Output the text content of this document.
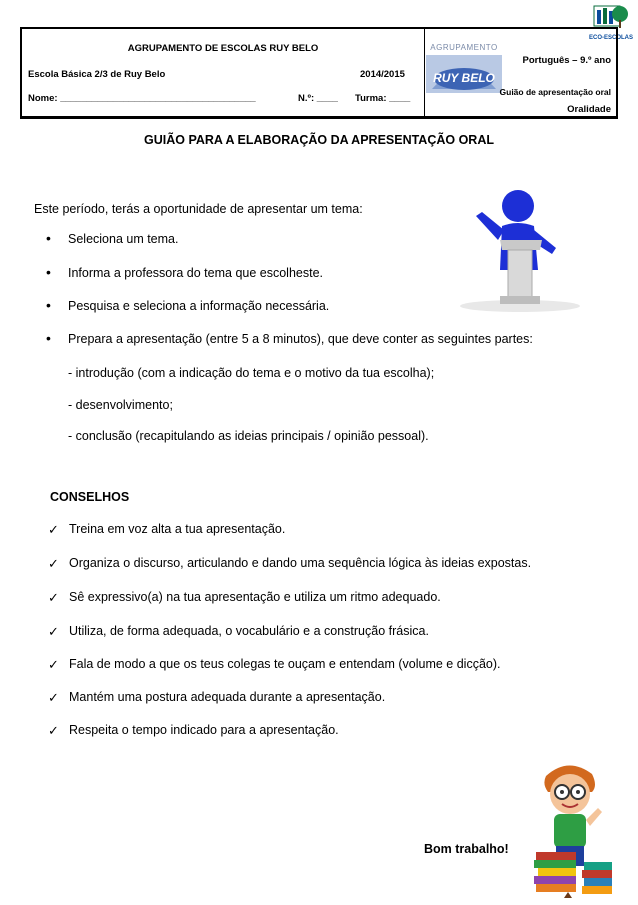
ECO-ESCOLAS
AGRUPAMENTO DE ESCOLAS RUY BELO
Escola Básica 2/3 de Ruy Belo	2014/2015
Nome: _____________________________________	N.º: ____ Turma: ____
AGRUPAMENTO
RUY BELO
Português – 9.º ano
Guião de apresentação oral
Oralidade
GUIÃO PARA A ELABORAÇÃO DA APRESENTAÇÃO ORAL
Este período, terás a oportunidade de apresentar um tema:
• Seleciona um tema.
• Informa a professora do tema que escolheste.
• Pesquisa e seleciona a informação necessária.
• Prepara a apresentação (entre 5 a 8 minutos), que deve conter as seguintes partes:
- introdução (com a indicação do tema e o motivo da tua escolha);
- desenvolvimento;
- conclusão (recapitulando as ideias principais / opinião pessoal).
CONSELHOS
✓ Treina em voz alta a tua apresentação.
✓ Organiza o discurso, articulando e dando uma sequência lógica às ideias expostas.
✓ Sê expressivo(a) na tua apresentação e utiliza um ritmo adequado.
✓ Utiliza, de forma adequada, o vocabulário e a construção frásica.
✓ Fala de modo a que os teus colegas te ouçam e entendam (volume e dicção).
✓ Mantém uma postura adequada durante a apresentação.
✓ Respeita o tempo indicado para a apresentação.
Bom trabalho!
